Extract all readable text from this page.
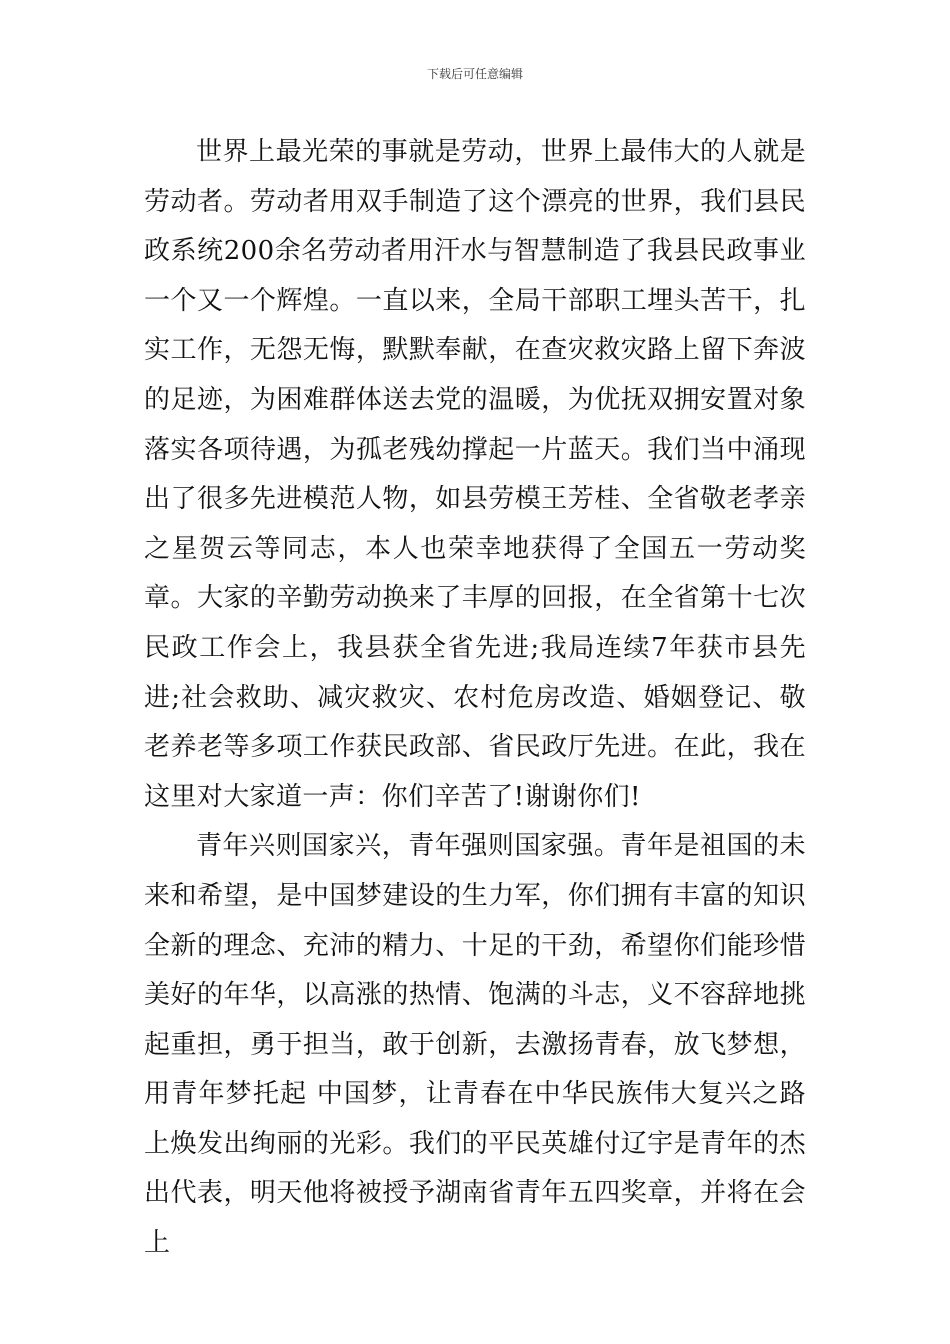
下载后可任意编辑

世界上最光荣的事就是劳动，世界上最伟大的人就是劳动者。劳动者用双手制造了这个漂亮的世界，我们县民政系统200余名劳动者用汗水与智慧制造了我县民政事业一个又一个辉煌。一直以来，全局干部职工埋头苦干，扎实工作，无怨无悔，默默奉献，在查灾救灾路上留下奔波的足迹，为困难群体送去党的温暖，为优抚双拥安置对象落实各项待遇，为孤老残幼撑起一片蓝天。我们当中涌现出了很多先进模范人物，如县劳模王芳桂、全省敬老孝亲之星贺云等同志，本人也荣幸地获得了全国五一劳动奖章。大家的辛勤劳动换来了丰厚的回报，在全省第十七次民政工作会上，我县获全省先进;我局连续7年获市县先进;社会救助、减灾救灾、农村危房改造、婚姻登记、敬老养老等多项工作获民政部、省民政厅先进。在此，我在这里对大家道一声：你们辛苦了!谢谢你们!

青年兴则国家兴，青年强则国家强。青年是祖国的未来和希望，是中国梦建设的生力军，你们拥有丰富的知识全新的理念、充沛的精力、十足的干劲，希望你们能珍惜美好的年华，以高涨的热情、饱满的斗志，义不容辞地挑起重担，勇于担当，敢于创新，去激扬青春，放飞梦想，用青年梦托起 中国梦，让青春在中华民族伟大复兴之路上焕发出绚丽的光彩。我们的平民英雄付辽宇是青年的杰出代表，明天他将被授予湖南省青年五四奖章，并将在会上
